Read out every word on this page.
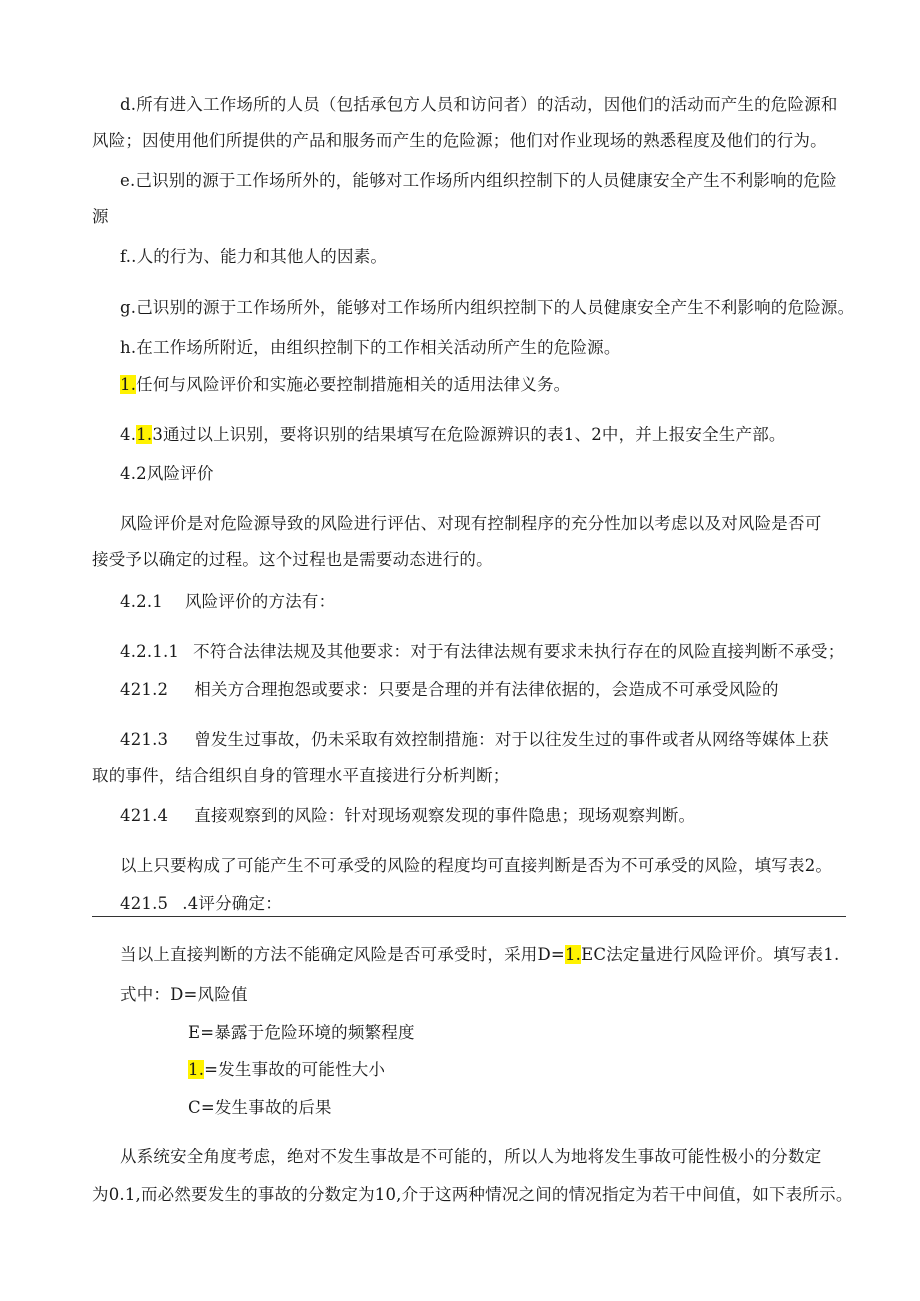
d.所有进入工作场所的人员（包括承包方人员和访问者）的活动，因他们的活动而产生的危险源和
风险；因使用他们所提供的产品和服务而产生的危险源；他们对作业现场的熟悉程度及他们的行为。
e.己识别的源于工作场所外的，能够对工作场所内组织控制下的人员健康安全产生不利影响的危险
源
f..人的行为、能力和其他人的因素。
g.己识别的源于工作场所外，能够对工作场所内组织控制下的人员健康安全产生不利影响的危险源。
h.在工作场所附近，由组织控制下的工作相关活动所产生的危险源。
1.任何与风险评价和实施必要控制措施相关的适用法律义务。
4.1.3通过以上识别，要将识别的结果填写在危险源辨识的表1、2中，并上报安全生产部。
4.2风险评价
风险评价是对危险源导致的风险进行评估、对现有控制程序的充分性加以考虑以及对风险是否可
接受予以确定的过程。这个过程也是需要动态进行的。
4.2.1 风险评价的方法有：
4.2.1.1 不符合法律法规及其他要求：对于有法律法规有要求未执行存在的风险直接判断不承受；
421.2 相关方合理抱怨或要求：只要是合理的并有法律依据的，会造成不可承受风险的
421.3 曾发生过事故，仍未采取有效控制措施：对于以往发生过的事件或者从网络等媒体上获
取的事件，结合组织自身的管理水平直接进行分析判断；
421.4 直接观察到的风险：针对现场观察发现的事件隐患；现场观察判断。
以上只要构成了可能产生不可承受的风险的程度均可直接判断是否为不可承受的风险，填写表2。
421.5 .4评分确定：
当以上直接判断的方法不能确定风险是否可承受时，采用D=1.EC法定量进行风险评价。填写表1.
式中：D=风险值
E=暴露于危险环境的频繁程度
1.=发生事故的可能性大小
C=发生事故的后果
从系统安全角度考虑，绝对不发生事故是不可能的，所以人为地将发生事故可能性极小的分数定
为0.1,而必然要发生的事故的分数定为10,介于这两种情况之间的情况指定为若干中间值，如下表所示。
